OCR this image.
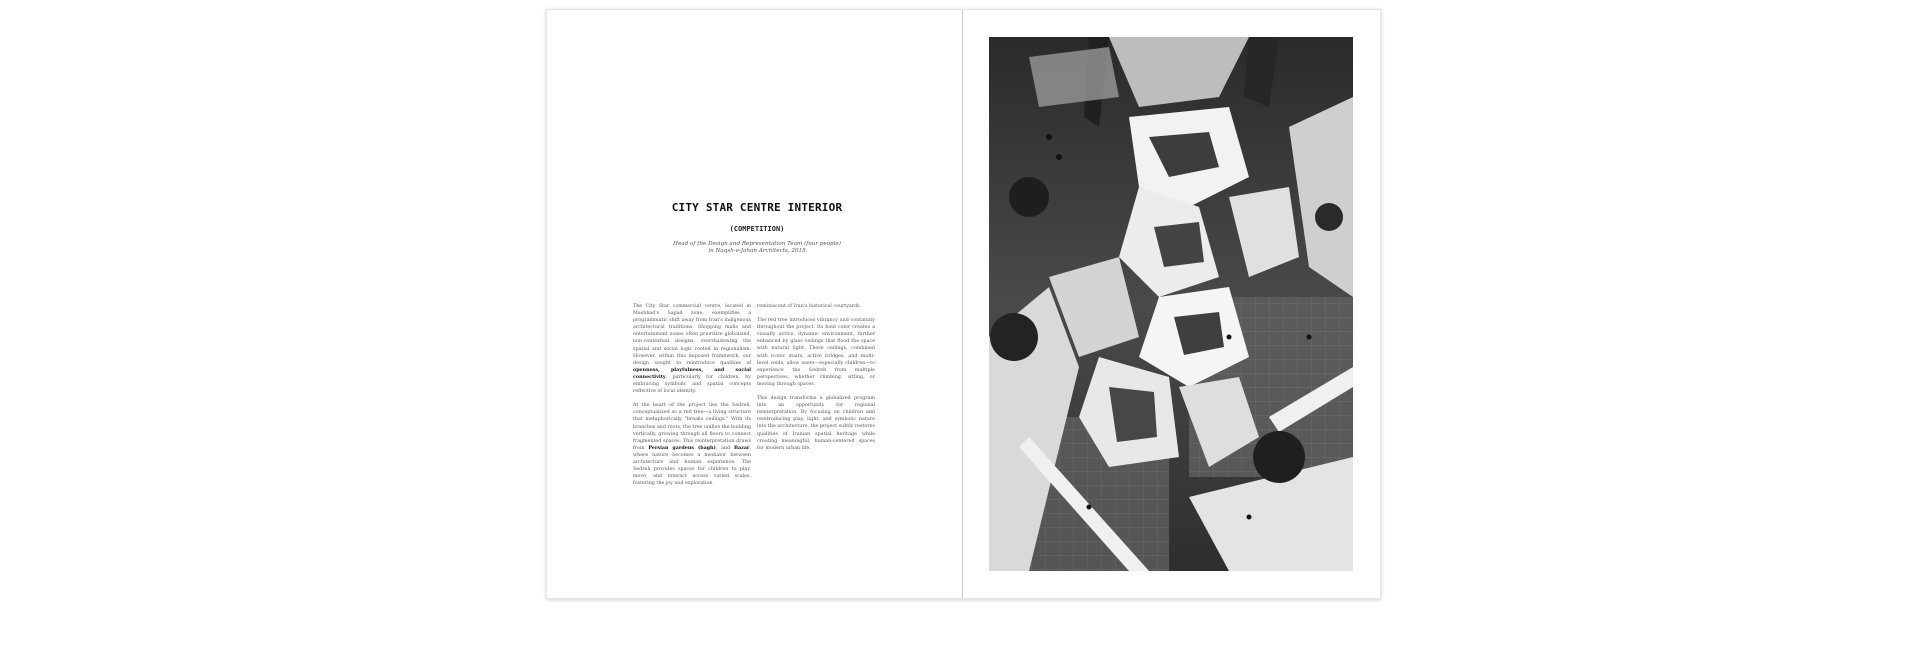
CITY STAR CENTRE INTERIOR
(COMPETITION)
Head of the Design and Representation Team (four people)
in Naqsh-e-Jahan Architects, 2015

The City Star commercial centre, located in Mashhad's Sajjad zone, exemplifies a programmatic shift away from Iran's indigenous architectural traditions. Shopping malls and entertainment zones often prioritize globalized, non-contextual designs, overshadowing the spatial and social logic rooted in regionalism. However, within this imposed framework, our design sought to reintroduce qualities of openness, playfulness, and social connectivity, particularly for children, by embracing symbolic and spatial concepts reflective of local identity.

At the heart of the project lies the Sedreh, conceptualized as a red tree—a living structure that metaphorically "breaks ceilings." With its branches and roots, the tree unifies the building vertically, growing through all floors to connect fragmented spaces. This reinterpretation draws from Persian gardens (bagh), and Bazar, where nature becomes a mediator between architecture and human experience. The Sedreh provides spaces for children to play, move, and interact across varied scales, fostering the joy and exploration

reminiscent of Iran's historical courtyards.

The red tree introduces vibrancy and continuity throughout the project. Its bold color creates a visually active, dynamic environment, further enhanced by glass ceilings that flood the space with natural light. These ceilings, combined with iconic stairs, active bridges, and multi-level voids, allow users—especially children—to experience the Sedreh from multiple perspectives, whether climbing, sitting, or moving through spaces.

This design transforms a globalized program into an opportunity for regional reinterpretation. By focusing on children and reintroducing play, light, and symbolic nature into the architecture, the project subtly restores qualities of Iranian spatial heritage while creating meaningful, human-centered spaces for modern urban life.
